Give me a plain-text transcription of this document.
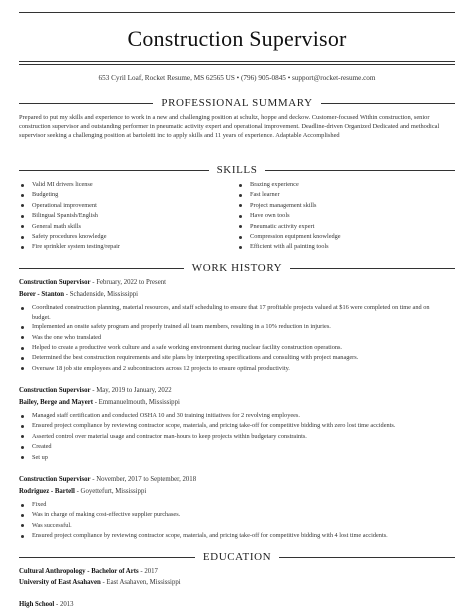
Construction Supervisor
653 Cyril Loaf, Rocket Resume, MS 62565 US • (796) 905-0845 • support@rocket-resume.com
PROFESSIONAL SUMMARY
Prepared to put my skills and experience to work in a new and challenging position at schultz, hoppe and deckow. Customer-focused Within construction, senior construction supervisor and outstanding performer in pneumatic activity expert and operational improvement. Deadline-driven Organized Dedicated and methodical supervisor seeking a challenging position at bartoletti inc to apply skills and 11 years of experience. Adaptable Accomplished
SKILLS
Valid MI drivers license
Budgeting
Operational improvement
Bilingual Spanish/English
General math skills
Safety procedures knowledge
Fire sprinkler system testing/repair
Brazing experience
Fast learner
Project management skills
Have own tools
Pneumatic activity expert
Compression equipment knowledge
Efficient with all painting tools
WORK HISTORY
Construction Supervisor - February, 2022 to Present
Borer - Stanton - Schadenside, Mississippi
Coordinated construction planning, material resources, and staff scheduling to ensure that 17 profitable projects valued at $16 were completed on time and on budget.
Implemented an onsite safety program and properly trained all team members, resulting in a 10% reduction in injuries.
Was the one who translated
Helped to create a productive work culture and a safe working environment during nuclear facility construction operations.
Determined the best construction requirements and site plans by interpreting specifications and consulting with project managers.
Oversaw 18 job site employees and 2 subcontractors across 12 projects to ensure optimal productivity.
Construction Supervisor - May, 2019 to January, 2022
Bailey, Berge and Mayert - Emmanuelmouth, Mississippi
Managed staff certification and conducted OSHA 10 and 30 training initiatives for 2 revolving employees.
Ensured project compliance by reviewing contractor scope, materials, and pricing take-off for competitive bidding with zero lost time accidents.
Asserted control over material usage and contractor man-hours to keep projects within budgetary constraints.
Created
Set up
Construction Supervisor - November, 2017 to September, 2018
Rodriguez - Bartell - Goyettefurt, Mississippi
Fixed
Was in charge of making cost-effective supplier purchases.
Was successful.
Ensured project compliance by reviewing contractor scope, materials, and pricing take-off for competitive bidding with 4 lost time accidents.
EDUCATION
Cultural Anthropology - Bachelor of Arts - 2017
University of East Asahaven - East Asahaven, Mississippi
High School - 2013
